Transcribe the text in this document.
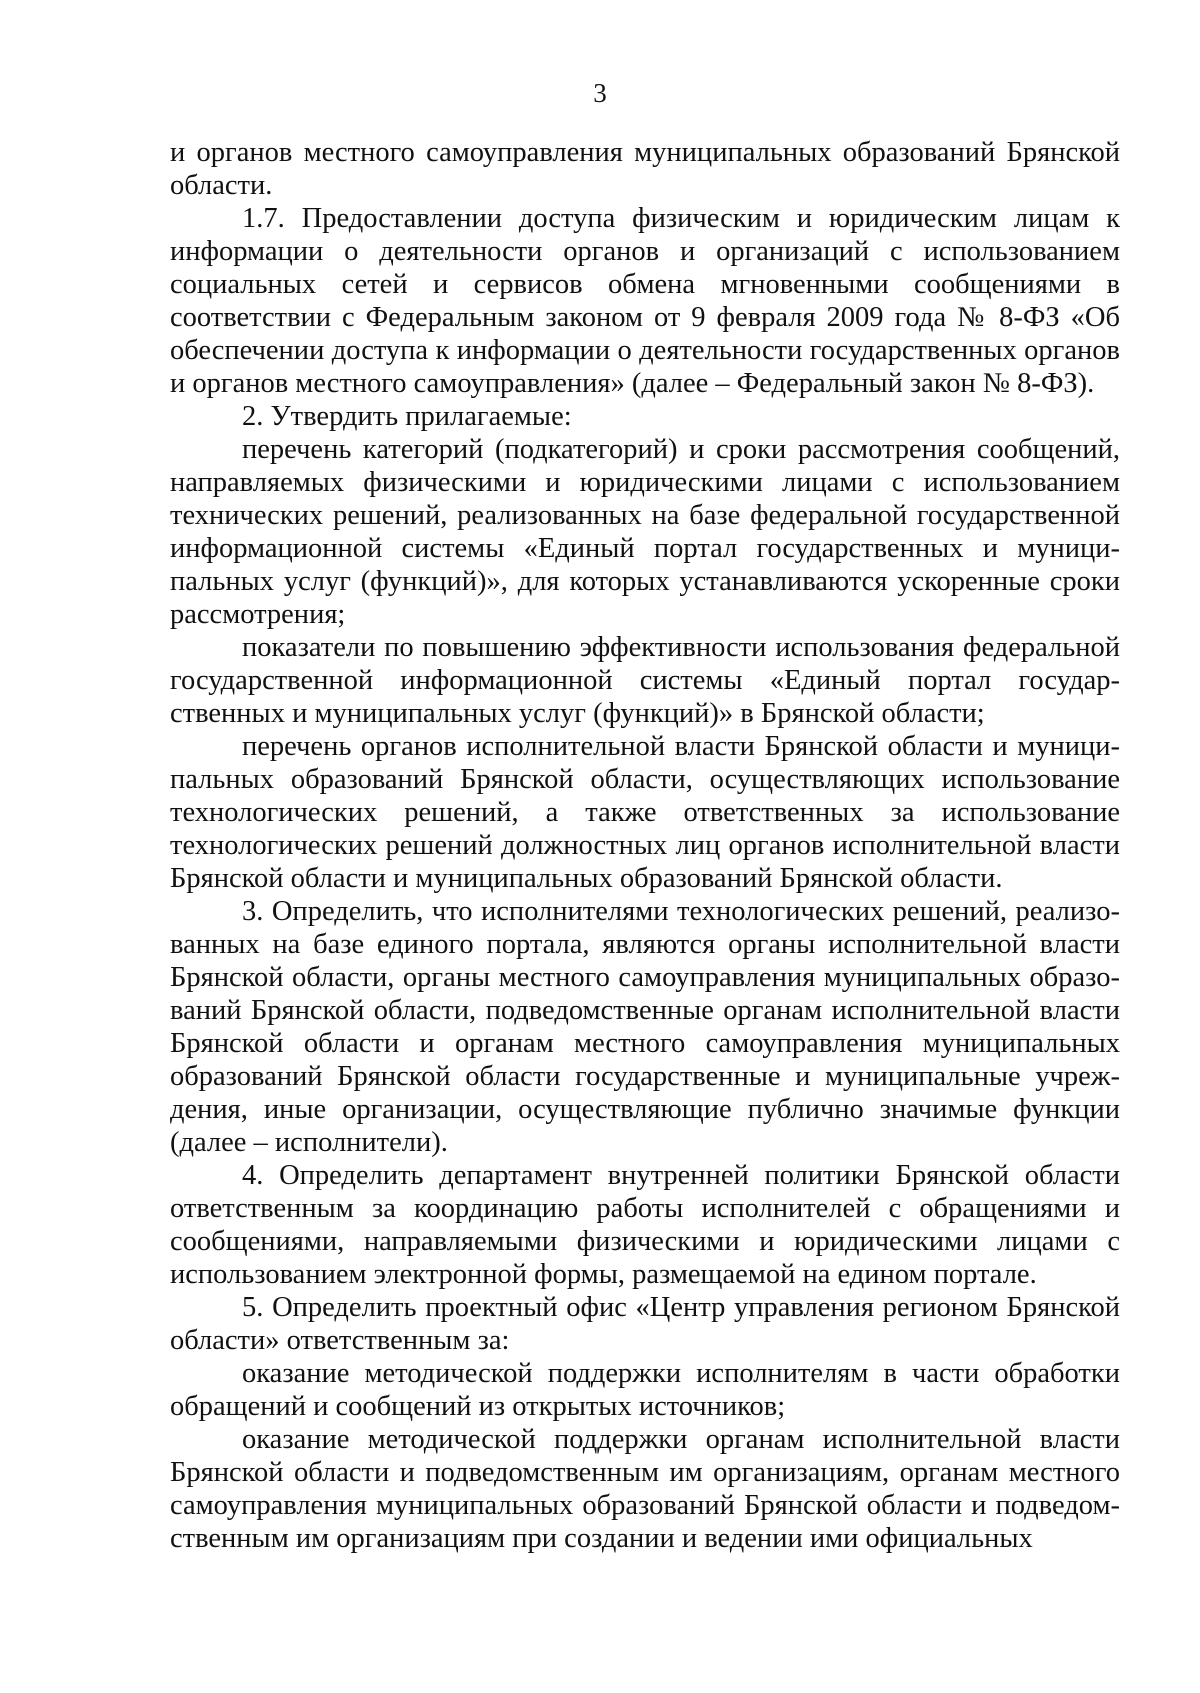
3

и органов местного самоуправления муниципальных образований Брянской области.

1.7. Предоставлении доступа физическим и юридическим лицам к информации о деятельности органов и организаций с использованием социальных сетей и сервисов обмена мгновенными сообщениями в соответствии с Федеральным законом от 9 февраля 2009 года № 8-ФЗ «Об обеспечении доступа к информации о деятельности государственных органов и органов местного самоуправления» (далее – Федеральный закон № 8-ФЗ).

2. Утвердить прилагаемые:

перечень категорий (подкатегорий) и сроки рассмотрения сообщений, направляемых физическими и юридическими лицами с использованием технических решений, реализованных на базе федеральной государственной информационной системы «Единый портал государственных и муниципальных услуг (функций)», для которых устанавливаются ускоренные сроки рассмотрения;

показатели по повышению эффективности использования федеральной государственной информационной системы «Единый портал государственных и муниципальных услуг (функций)» в Брянской области;

перечень органов исполнительной власти Брянской области и муниципальных образований Брянской области, осуществляющих использование технологических решений, а также ответственных за использование технологических решений должностных лиц органов исполнительной власти Брянской области и муниципальных образований Брянской области.

3. Определить, что исполнителями технологических решений, реализованных на базе единого портала, являются органы исполнительной власти Брянской области, органы местного самоуправления муниципальных образований Брянской области, подведомственные органам исполнительной власти Брянской области и органам местного самоуправления муниципальных образований Брянской области государственные и муниципальные учреждения, иные организации, осуществляющие публично значимые функции (далее – исполнители).

4. Определить департамент внутренней политики Брянской области ответственным за координацию работы исполнителей с обращениями и сообщениями, направляемыми физическими и юридическими лицами с использованием электронной формы, размещаемой на едином портале.

5. Определить проектный офис «Центр управления регионом Брянской области» ответственным за:

оказание методической поддержки исполнителям в части обработки обращений и сообщений из открытых источников;

оказание методической поддержки органам исполнительной власти Брянской области и подведомственным им организациям, органам местного самоуправления муниципальных образований Брянской области и подведомственным им организациям при создании и ведении ими официальных
